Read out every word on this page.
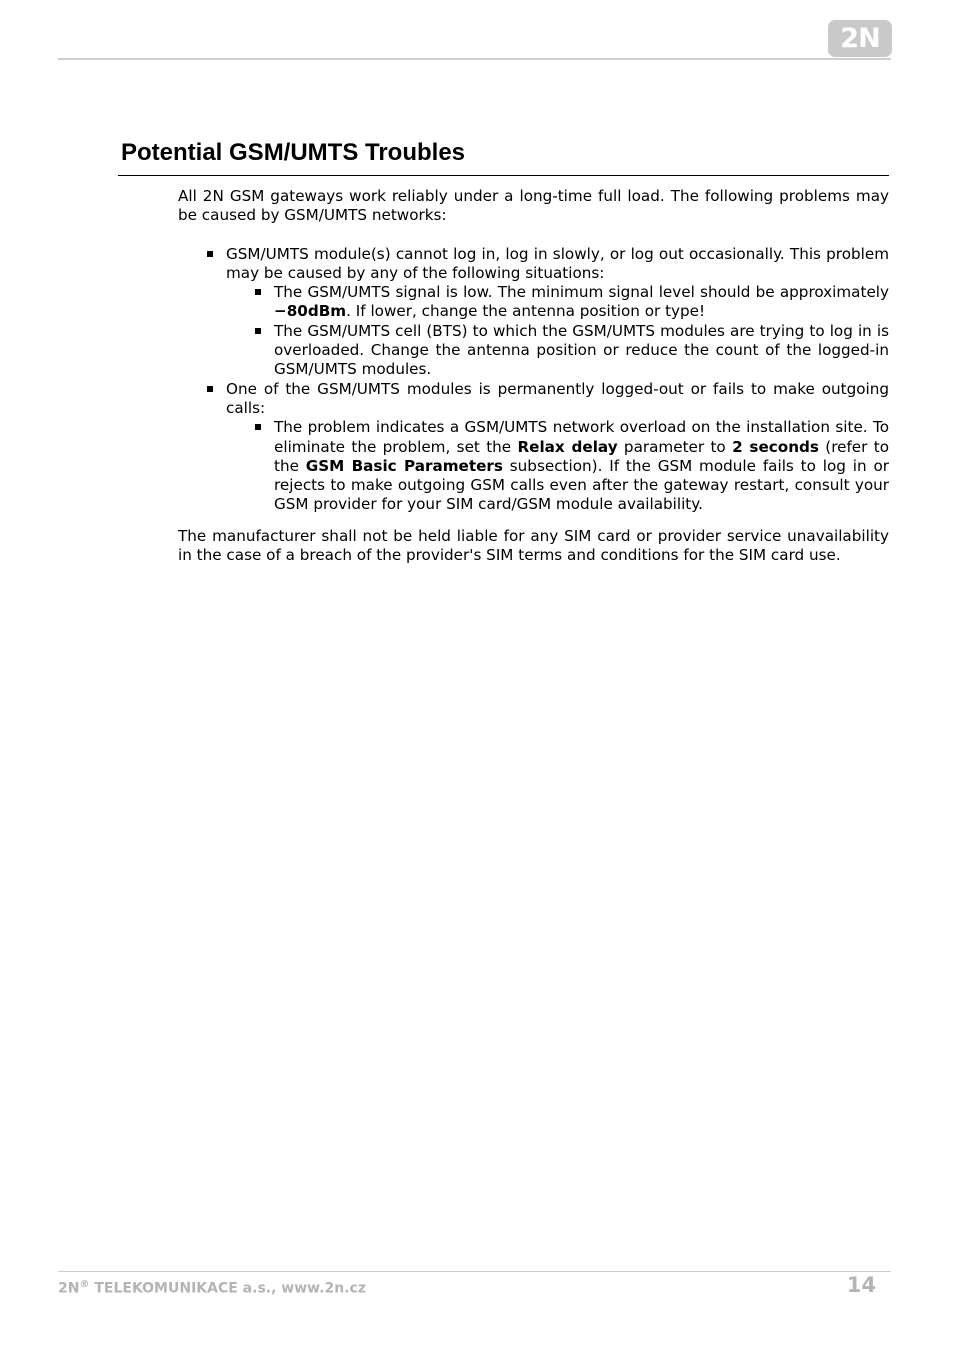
2N
Potential GSM/UMTS Troubles

All 2N GSM gateways work reliably under a long-time full load. The following problems may be caused by GSM/UMTS networks:

GSM/UMTS module(s) cannot log in, log in slowly, or log out occasionally. This problem may be caused by any of the following situations:
The GSM/UMTS signal is low. The minimum signal level should be approximately −80dBm. If lower, change the antenna position or type!
The GSM/UMTS cell (BTS) to which the GSM/UMTS modules are trying to log in is overloaded. Change the antenna position or reduce the count of the logged-in GSM/UMTS modules.
One of the GSM/UMTS modules is permanently logged-out or fails to make outgoing calls:
The problem indicates a GSM/UMTS network overload on the installation site. To eliminate the problem, set the Relax delay parameter to 2 seconds (refer to the GSM Basic Parameters subsection). If the GSM module fails to log in or rejects to make outgoing GSM calls even after the gateway restart, consult your GSM provider for your SIM card/GSM module availability.

The manufacturer shall not be held liable for any SIM card or provider service unavailability in the case of a breach of the provider's SIM terms and conditions for the SIM card use.

2N® TELEKOMUNIKACE a.s., www.2n.cz	14
